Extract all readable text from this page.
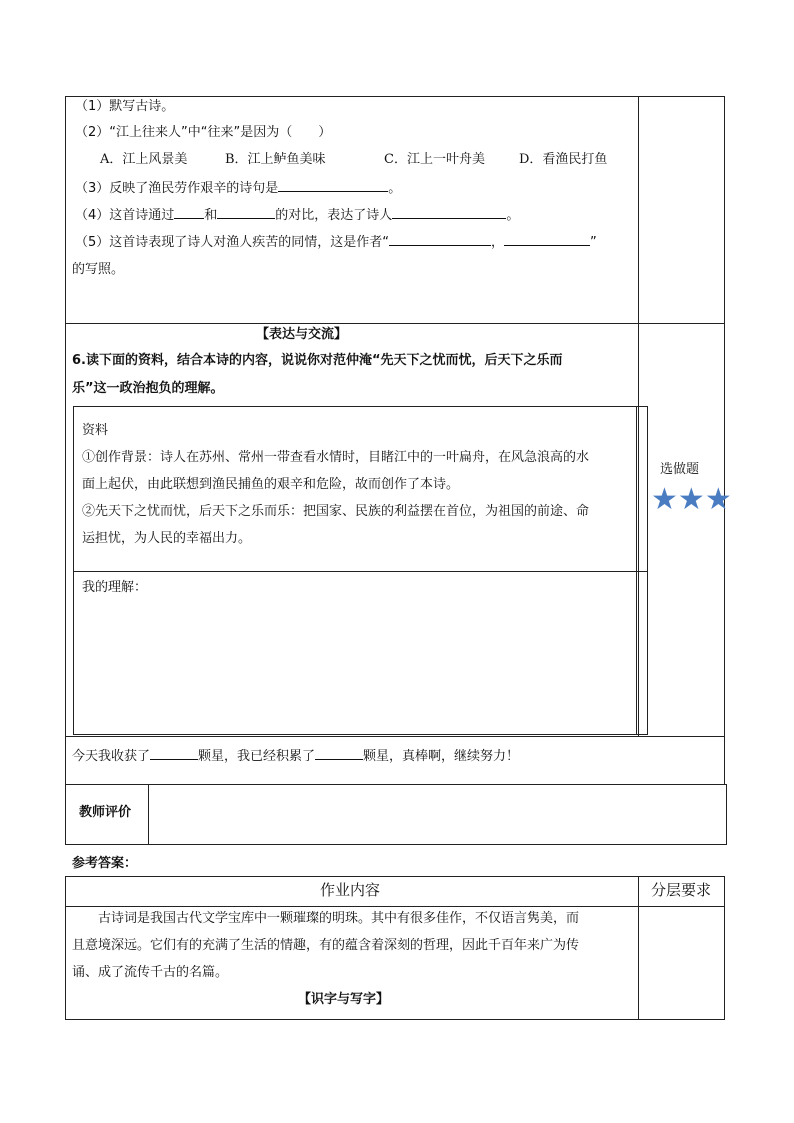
（1）默写古诗。
（2）“江上往来人”中“往来”是因为（　　）
A．江上风景美	B．江上鲈鱼美味	C．江上一叶舟美	D．看渔民打鱼
（3）反映了渔民劳作艰辛的诗句是	。
（4）这首诗通过 和	的对比，表达了诗人	。
（5）这首诗表现了诗人对渔人疾苦的同情，这是作者“	，	”
的写照。
【表达与交流】
6.读下面的资料，结合本诗的内容，说说你对范仲淹“先天下之忧而忧，后天下之乐而
乐”这一政治抱负的理解。
资料
①创作背景：诗人在苏州、常州一带查看水情时，目睹江中的一叶扁舟，在风急浪高的水
面上起伏，由此联想到渔民捕鱼的艰辛和危险，故而创作了本诗。
②先天下之忧而忧，后天下之乐而乐：把国家、民族的利益摆在首位，为祖国的前途、命
运担忧，为人民的幸福出力。
我的理解：
选做题
★★★
今天我收获了	颗星，我已经积累了	颗星，真棒啊，继续努力！
教师评价
参考答案：
作业内容	分层要求
古诗词是我国古代文学宝库中一颗璀璨的明珠。其中有很多佳作，不仅语言隽美，而
且意境深远。它们有的充满了生活的情趣，有的蕴含着深刻的哲理，因此千百年来广为传
诵、成了流传千古的名篇。
【识字与写字】
